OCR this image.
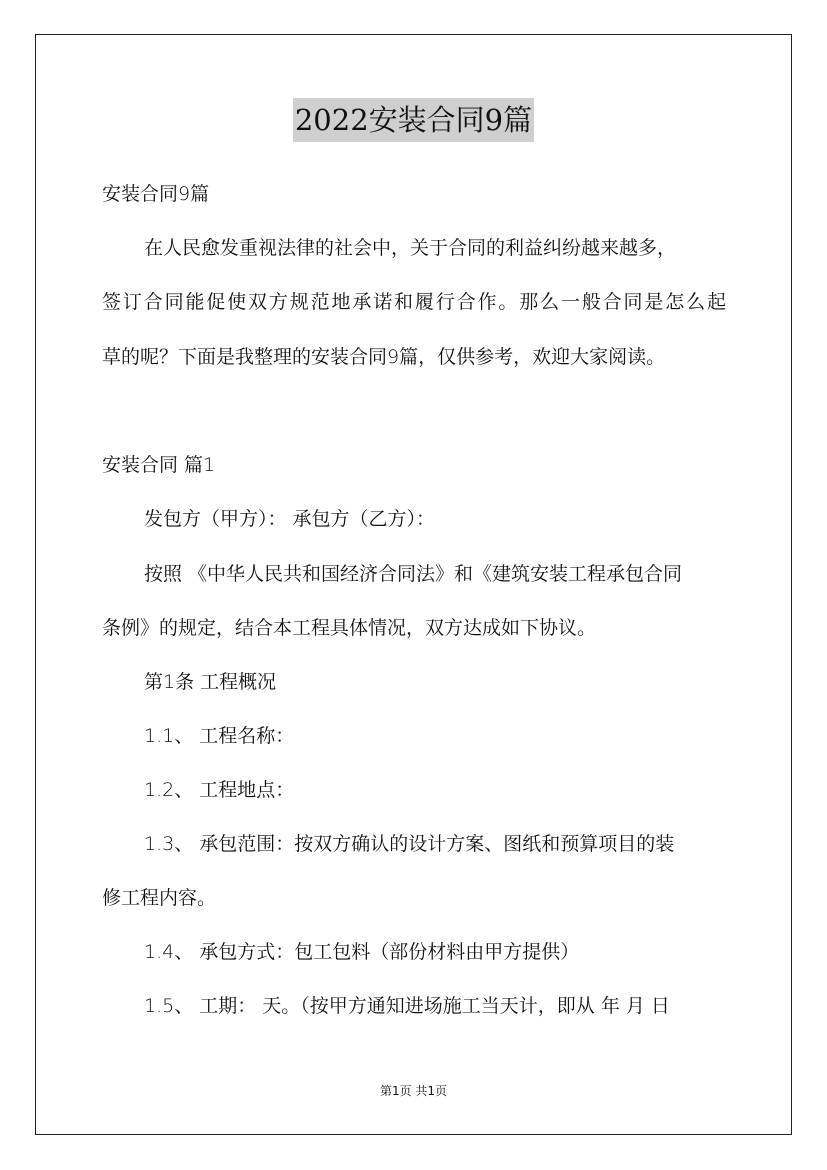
2022安装合同9篇
安装合同9篇
在人民愈发重视法律的社会中，关于合同的利益纠纷越来越多，
签订合同能促使双方规范地承诺和履行合作。那么一般合同是怎么起
草的呢？下面是我整理的安装合同9篇，仅供参考，欢迎大家阅读。
安装合同 篇1
发包方（甲方）： 承包方（乙方）：
按照 《中华人民共和国经济合同法》和《建筑安装工程承包合同
条例》的规定，结合本工程具体情况，双方达成如下协议。
第1条 工程概况
1.1、 工程名称：
1.2、 工程地点：
1.3、 承包范围：按双方确认的设计方案、图纸和预算项目的装
修工程内容。
1.4、 承包方式：包工包料（部份材料由甲方提供）
1.5、 工期： 天。（按甲方通知进场施工当天计，即从 年 月 日
第1页 共1页
